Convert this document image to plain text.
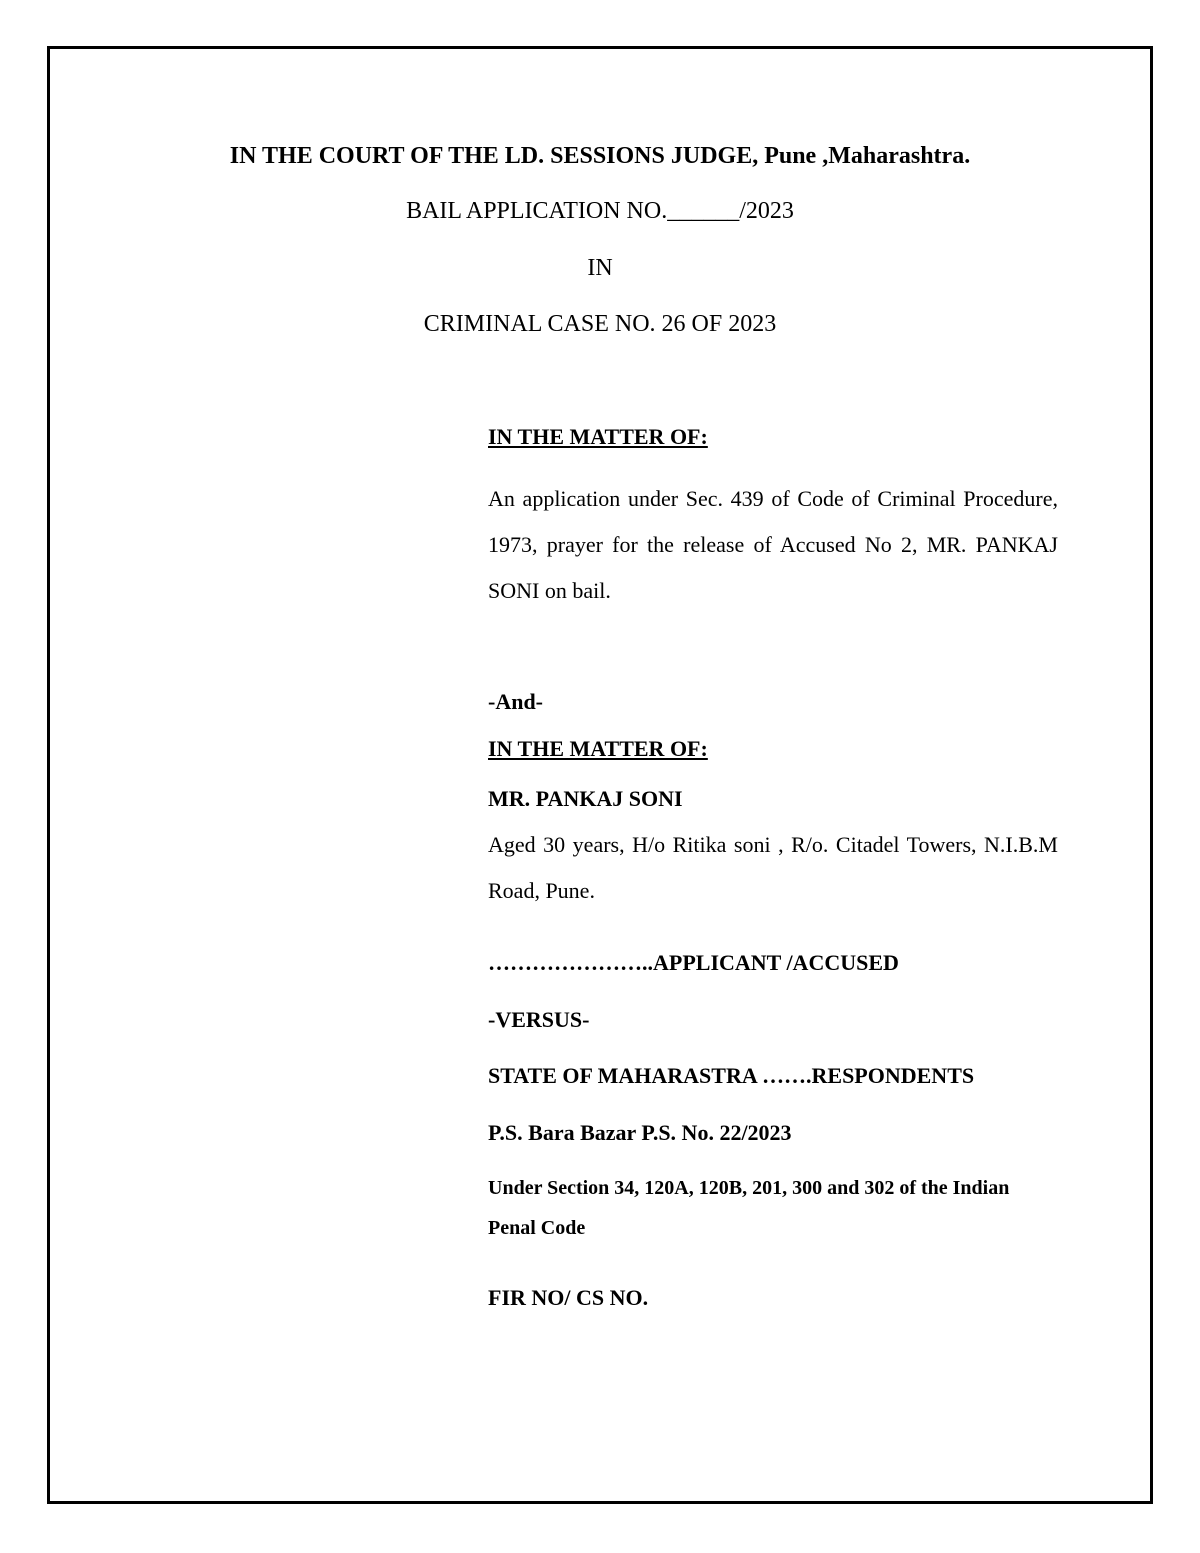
IN THE COURT OF THE LD. SESSIONS JUDGE, Pune ,Maharashtra.
BAIL APPLICATION NO.______/2023
IN
CRIMINAL CASE NO. 26 OF 2023
IN THE MATTER OF:
An application under Sec. 439 of Code of Criminal Procedure, 1973, prayer for the release of Accused No 2, MR. PANKAJ SONI on bail.
-And-
IN THE MATTER OF:
MR. PANKAJ SONI
Aged 30 years, H/o Ritika soni , R/o. Citadel Towers, N.I.B.M Road, Pune.
…………………..APPLICANT /ACCUSED
-VERSUS-
STATE OF MAHARASTRA …….RESPONDENTS
P.S. Bara Bazar P.S. No. 22/2023
Under Section 34, 120A, 120B, 201, 300 and 302 of the Indian Penal Code
FIR NO/ CS NO.
